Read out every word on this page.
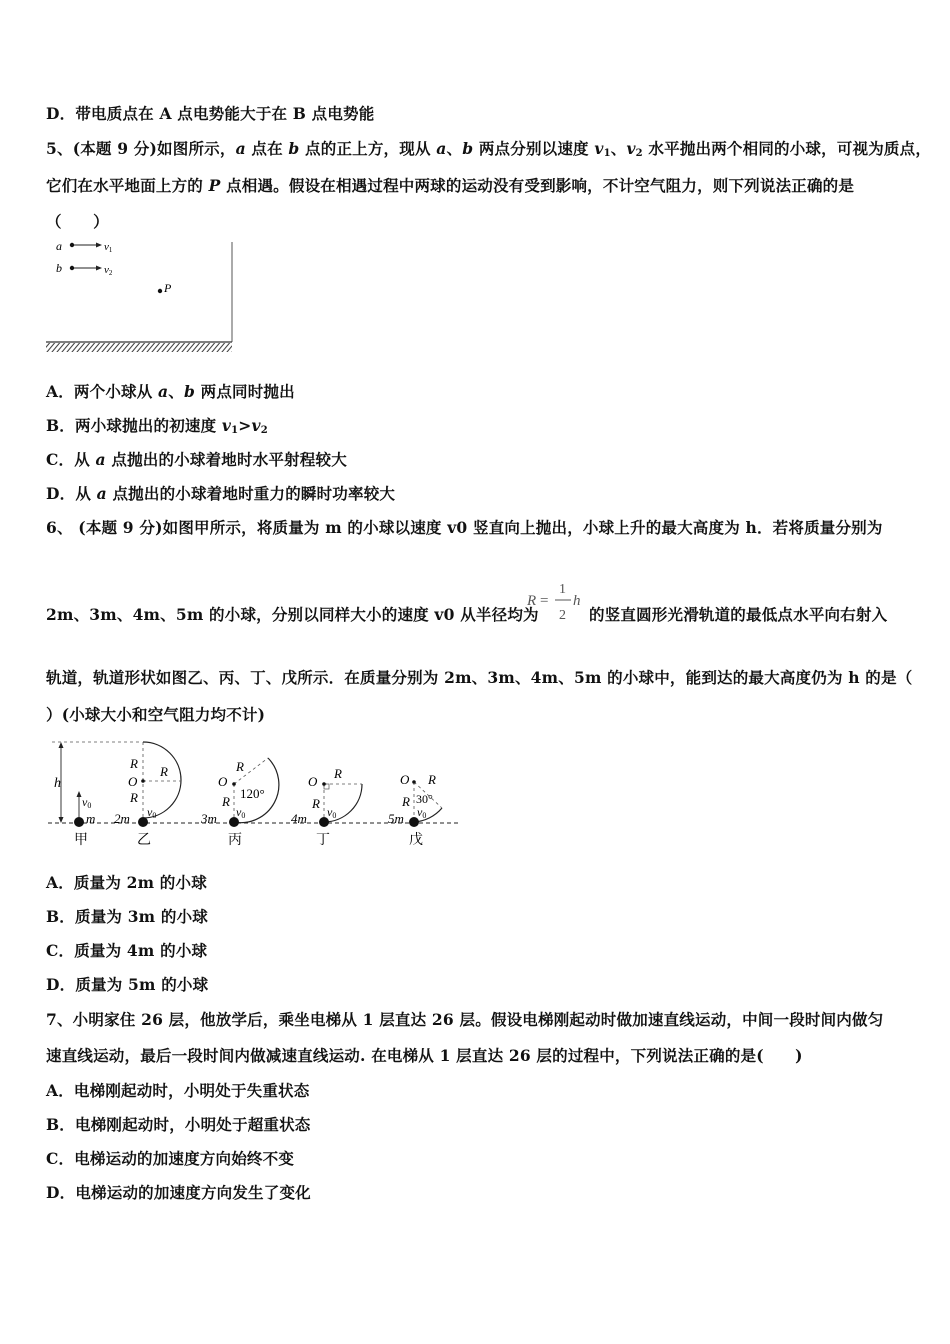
D．带电质点在 A 点电势能大于在 B 点电势能
5、(本题 9 分)如图所示，a 点在 b 点的正上方，现从 a、b 两点分别以速度 $v_1$、$v_2$ 水平抛出两个相同的小球，可视为质点，
它们在水平地面上方的 P 点相遇。假设在相遇过程中两球的运动没有受到影响，不计空气阻力，则下列说法正确的是
（　　）
a	v1
b	v2
P
A．两个小球从 a、b 两点同时抛出
B．两小球抛出的初速度 $v_1>v_2$
C．从 a 点抛出的小球着地时水平射程较大
D．从 a 点抛出的小球着地时重力的瞬时功率较大
6、 (本题 9 分)如图甲所示，将质量为 m 的小球以速度 v0 竖直向上抛出，小球上升的最大高度为 h．若将质量分别为
2m、3m、4m、5m 的小球，分别以同样大小的速度 v0 从半径均为
R =
1
2
h
的竖直圆形光滑轨道的最低点水平向右射入
轨道，轨道形状如图乙、丙、丁、戊所示．在质量分别为 2m、3m、4m、5m 的小球中，能到达的最大高度仍为 h 的是（
）(小球大小和空气阻力均不计)
h
v0
m
甲
O
R
R
R
v0
2m
乙
O
R
R
120°
v0
3m
丙
O
R
R
v0
4m
丁
O R
R 30°
v0
5m
戊
A．质量为 2m 的小球
B．质量为 3m 的小球
C．质量为 4m 的小球
D．质量为 5m 的小球
7、小明家住 26 层，他放学后，乘坐电梯从 1 层直达 26 层。假设电梯刚起动时做加速直线运动，中间一段时间内做匀
速直线运动，最后一段时间内做减速直线运动. 在电梯从 1 层直达 26 层的过程中，下列说法正确的是(　　)
A．电梯刚起动时，小明处于失重状态
B．电梯刚起动时，小明处于超重状态
C．电梯运动的加速度方向始终不变
D．电梯运动的加速度方向发生了变化
